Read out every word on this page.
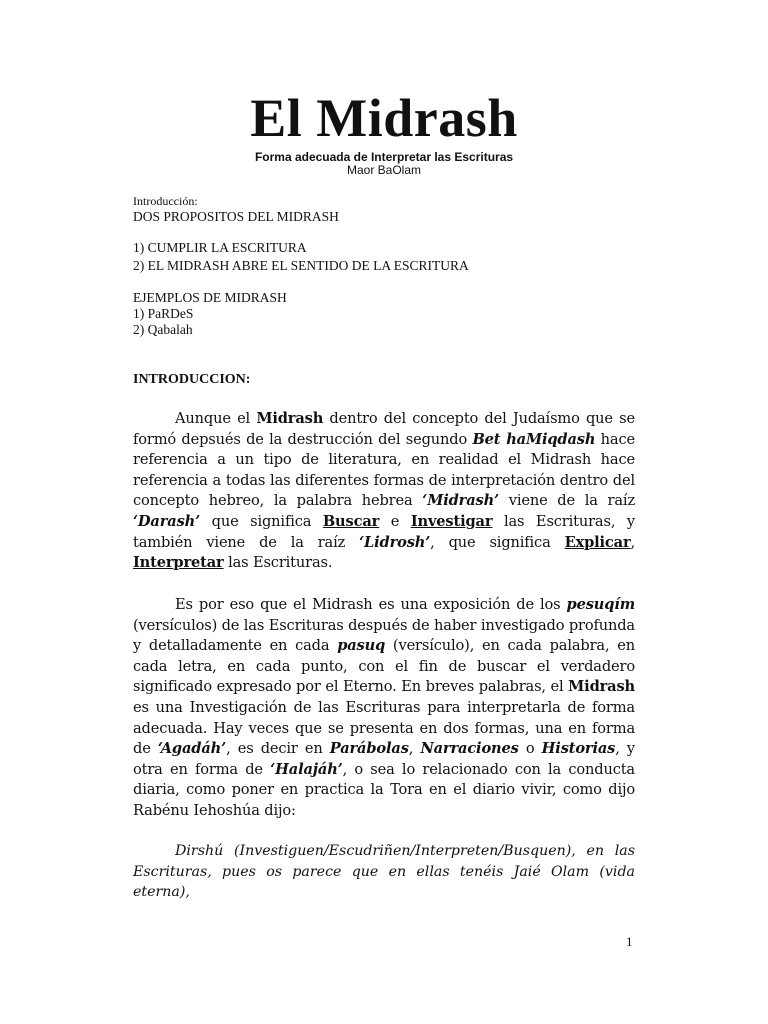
El Midrash
Forma adecuada de Interpretar las Escrituras
Maor BaOlam
Introducción:
DOS PROPOSITOS DEL MIDRASH
1) CUMPLIR LA ESCRITURA
2) EL MIDRASH ABRE EL SENTIDO DE LA ESCRITURA
EJEMPLOS DE MIDRASH
1) PaRDeS
2) Qabalah
INTRODUCCION:

Aunque el Midrash dentro del concepto del Judaísmo que se formó depsués de la destrucción del segundo Bet haMiqdash hace referencia a un tipo de literatura, en realidad el Midrash hace referencia a todas las diferentes formas de interpretación dentro del concepto hebreo, la palabra hebrea ‘Midrash’ viene de la raíz ‘Darash’ que significa Buscar e Investigar las Escrituras, y también viene de la raíz ‘Lidrosh’, que significa Explicar, Interpretar las Escrituras.

Es por eso que el Midrash es una exposición de los pesuqím (versículos) de las Escrituras después de haber investigado profunda y detalladamente en cada pasuq (versículo), en cada palabra, en cada letra, en cada punto, con el fin de buscar el verdadero significado expresado por el Eterno. En breves palabras, el Midrash es una Investigación de las Escrituras para interpretarla de forma adecuada. Hay veces que se presenta en dos formas, una en forma de ‘Agadáh’, es decir en Parábolas, Narraciones o Historias, y otra en forma de ‘Halajáh’, o sea lo relacionado con la conducta diaria, como poner en practica la Tora en el diario vivir, como dijo Rabénu Iehoshúa dijo:

Dirshú (Investiguen/Escudriñen/Interpreten/Busquen), en las Escrituras, pues os parece que en ellas tenéis Jaié Olam (vida eterna),
1
